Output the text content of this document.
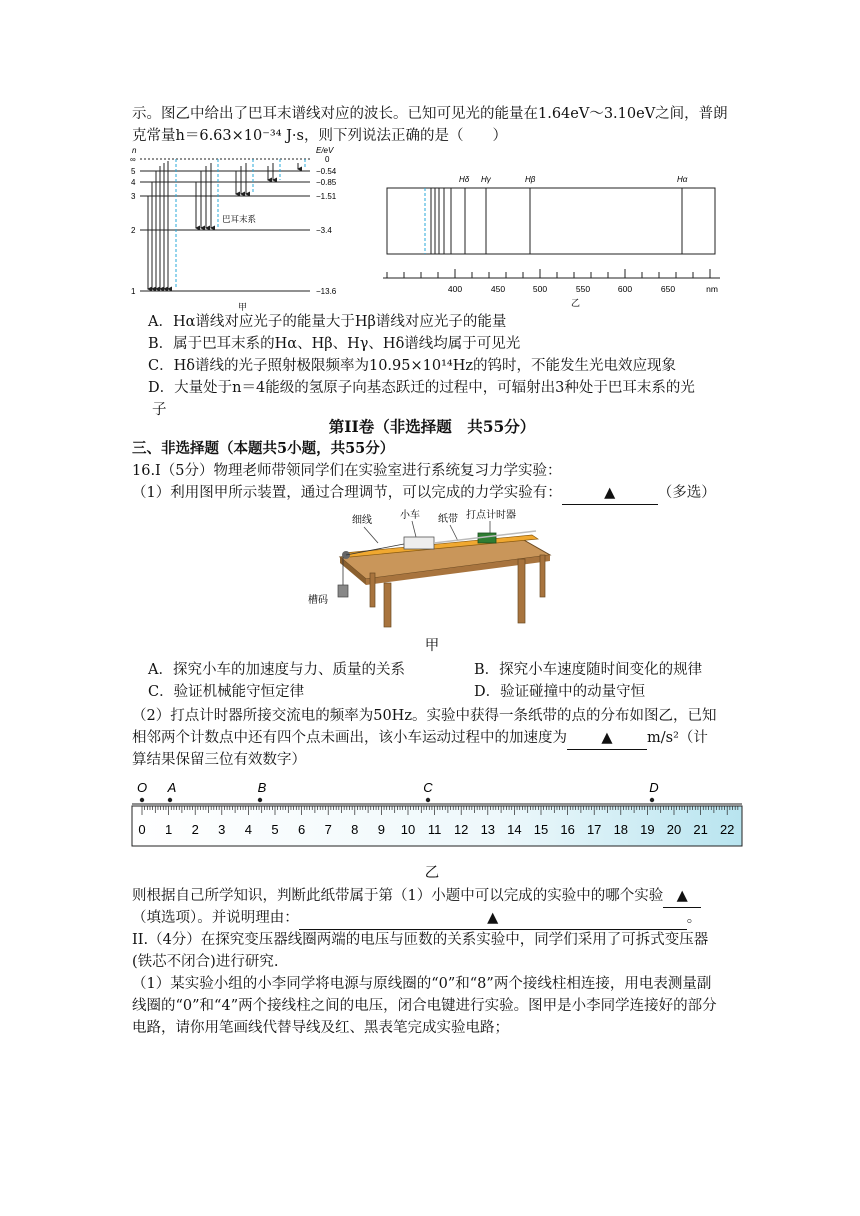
示。图乙中给出了巴耳末谱线对应的波长。已知可见光的能量在1.64eV～3.10eV之间，普朗
克常量h＝6.63×10⁻³⁴ J·s，则下列说法正确的是（　　）
n	E/eV
∞
5
4
3
2
1
0
−0.54
−0.85
−1.51
−3.4
−13.6
巴耳末系
甲
Hδ Hγ	Hβ	Hα
400	450	500	550	600	650	nm
乙
A．Hα谱线对应光子的能量大于Hβ谱线对应光子的能量
B．属于巴耳末系的Hα、Hβ、Hγ、Hδ谱线均属于可见光
C．Hδ谱线的光子照射极限频率为10.95×10¹⁴Hz的钨时，不能发生光电效应现象
D．大量处于n＝4能级的氢原子向基态跃迁的过程中，可辐射出3种处于巴耳末系的光
子
第II卷（非选择题　共55分）
三、非选择题（本题共5小题，共55分）
16.I（5分）物理老师带领同学们在实验室进行系统复习力学实验：
（1）利用图甲所示装置，通过合理调节，可以完成的力学实验有：	▲	（多选）
细线	小车 纸带 打点计时器
槽码
甲
A．探究小车的加速度与力、质量的关系	B．探究小车速度随时间变化的规律
C．验证机械能守恒定律	D．验证碰撞中的动量守恒
（2）打点计时器所接交流电的频率为50Hz。实验中获得一条纸带的点的分布如图乙，已知
相邻两个计数点中还有四个点未画出，该小车运动过程中的加速度为 ▲ m/s²（计
算结果保留三位有效数字）
O A	B	C	D
0 1 2 3 4 5 6 7 8 9 10 11 12 13 14 15 16 17 18 19 20 21 22
乙
则根据自己所学知识，判断此纸带属于第（1）小题中可以完成的实验中的哪个实验 ▲
（填选项）。并说明理由：	▲	。
II.（4分）在探究变压器线圈两端的电压与匝数的关系实验中，同学们采用了可拆式变压器
(铁芯不闭合)进行研究.
（1）某实验小组的小李同学将电源与原线圈的“0”和“8”两个接线柱相连接，用电表测量副
线圈的“0”和“4”两个接线柱之间的电压，闭合电键进行实验。图甲是小李同学连接好的部分
电路，请你用笔画线代替导线及红、黑表笔完成实验电路；
